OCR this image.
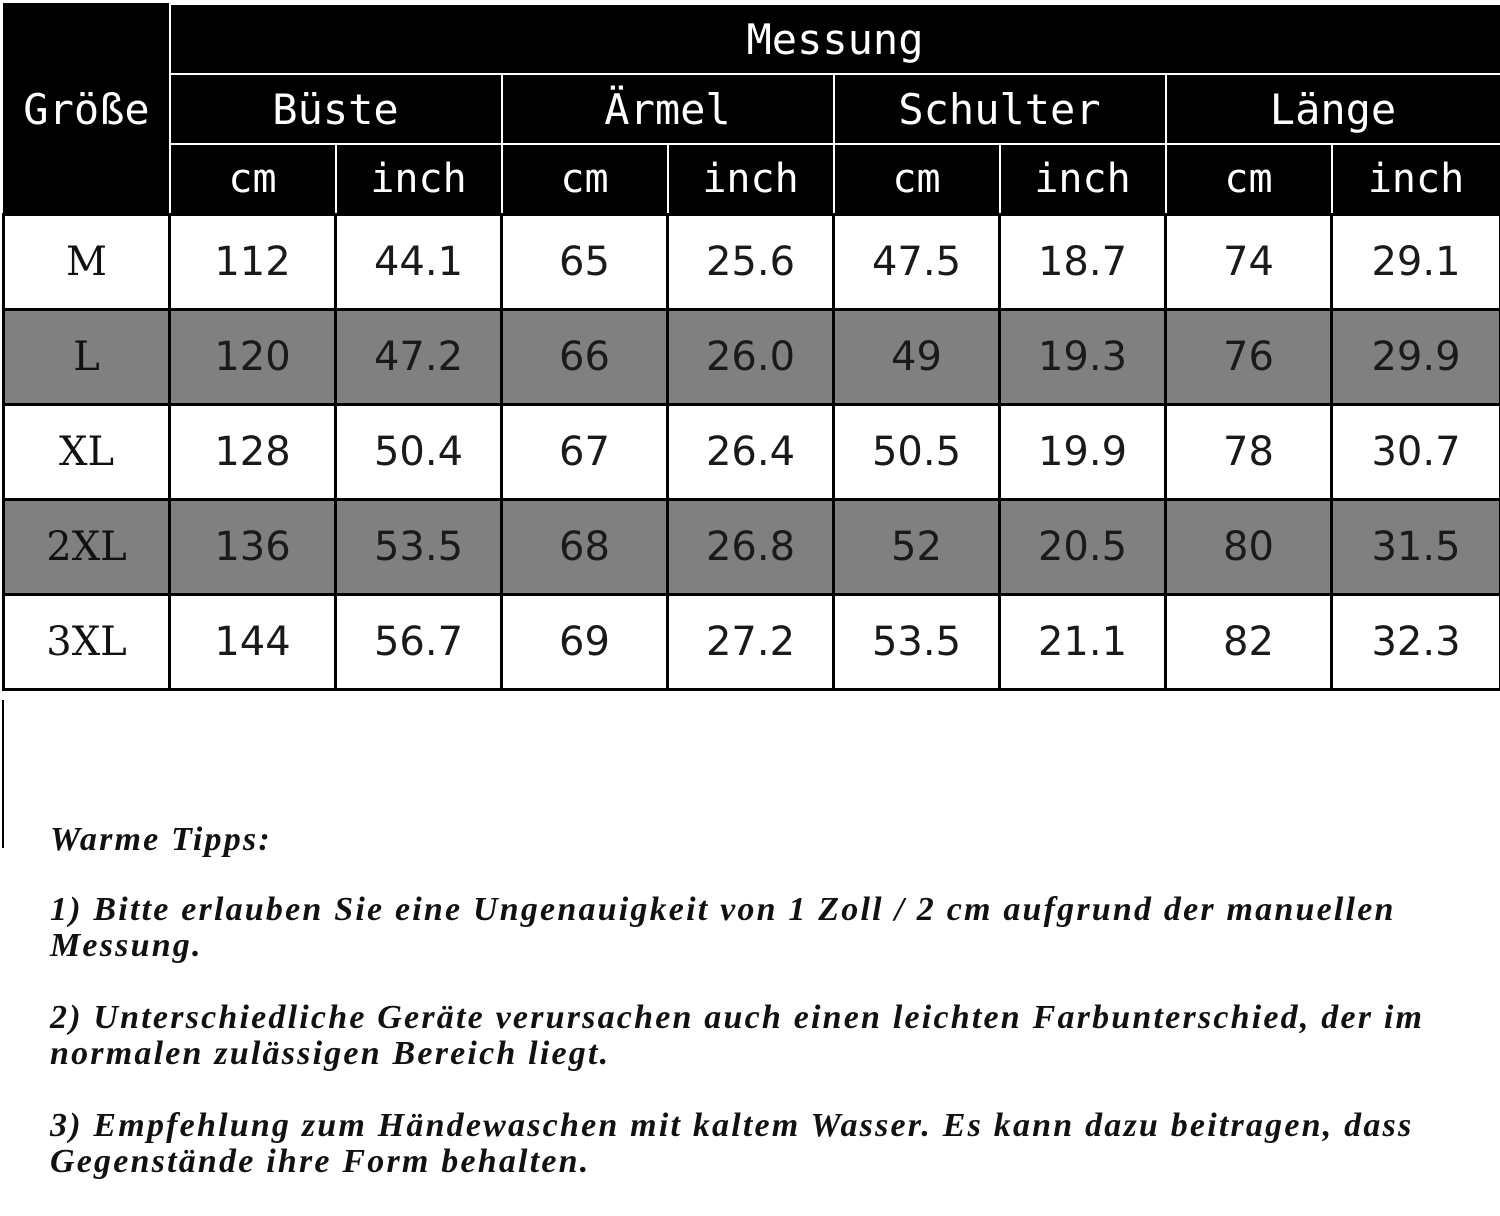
Größe	Messung							
	Büste		Ärmel		Schulter		Länge	
	cm	inch	cm	inch	cm	inch	cm	inch
M	112	44.1	65	25.6	47.5	18.7	74	29.1
L	120	47.2	66	26.0	49	19.3	76	29.9
XL	128	50.4	67	26.4	50.5	19.9	78	30.7
2XL	136	53.5	68	26.8	52	20.5	80	31.5
3XL	144	56.7	69	27.2	53.5	21.1	82	32.3

Warme Tipps:

1) Bitte erlauben Sie eine Ungenauigkeit von 1 Zoll / 2 cm aufgrund der manuellen Messung.

2) Unterschiedliche Geräte verursachen auch einen leichten Farbunterschied, der im normalen zulässigen Bereich liegt.

3) Empfehlung zum Händewaschen mit kaltem Wasser. Es kann dazu beitragen, dass Gegenstände ihre Form behalten.
